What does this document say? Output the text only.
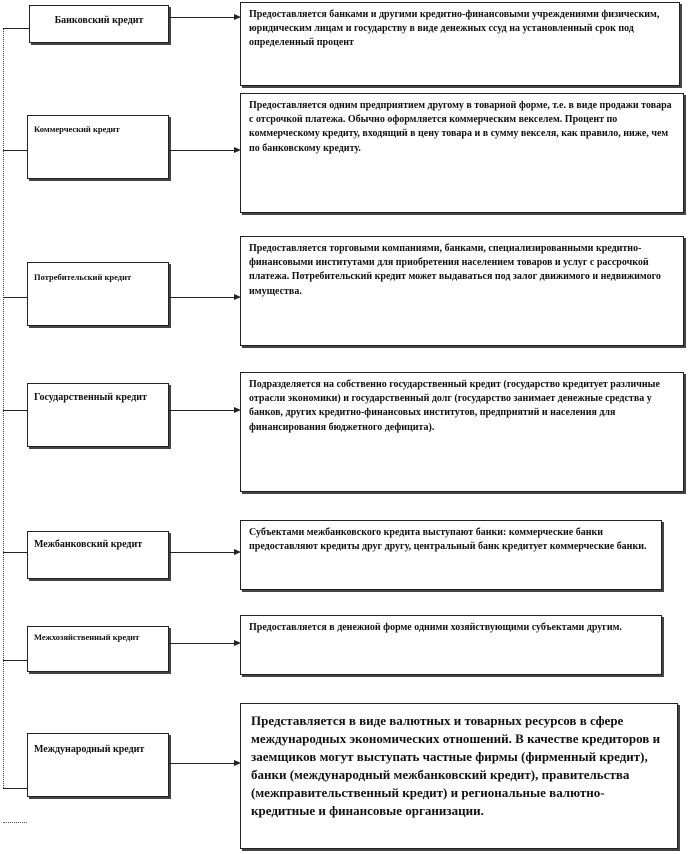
Банковский кредит
Предоставляется банками и другими кредитно-финансовыми учреждениями физическим, юридическим лицам и государству в виде денежных ссуд на установленный срок под определенный процент
Коммерческий кредит
Предоставляется одним предприятием другому в товарной форме, т.е. в виде продажи товара с отсрочкой платежа. Обычно оформляется коммерческим векселем. Процент по коммерческому кредиту, входящий в цену товара и в сумму векселя, как правило, ниже, чем по банковскому кредиту.
Потребительский кредит
Предоставляется торговыми компаниями, банками, специализированными кредитно-финансовыми институтами для приобретения населением товаров и услуг с рассрочкой платежа. Потребительский кредит может выдаваться под залог движимого и недвижимого имущества.
Государственный кредит
Подразделяется на собственно государственный кредит (государство кредитует различные отрасли экономики) и государственный долг (государство занимает денежные средства у банков, других кредитно-финансовых институтов, предприятий и населения для финансирования бюджетного дефицита).
Межбанковский кредит
Субъектами межбанковского кредита выступают банки: коммерческие банки предоставляют кредиты друг другу, центральный банк кредитует коммерческие банки.
Межхозяйственный кредит
Предоставляется в денежной форме одними хозяйствующими субъектами другим.
Международный кредит
Представляется в виде валютных и товарных ресурсов в сфере международных экономических отношений. В качестве кредиторов и заемщиков могут выступать частные фирмы (фирменный кредит), банки (международный межбанковский кредит), правительства (межправительственный кредит) и региональные валютно-кредитные и финансовые организации.
